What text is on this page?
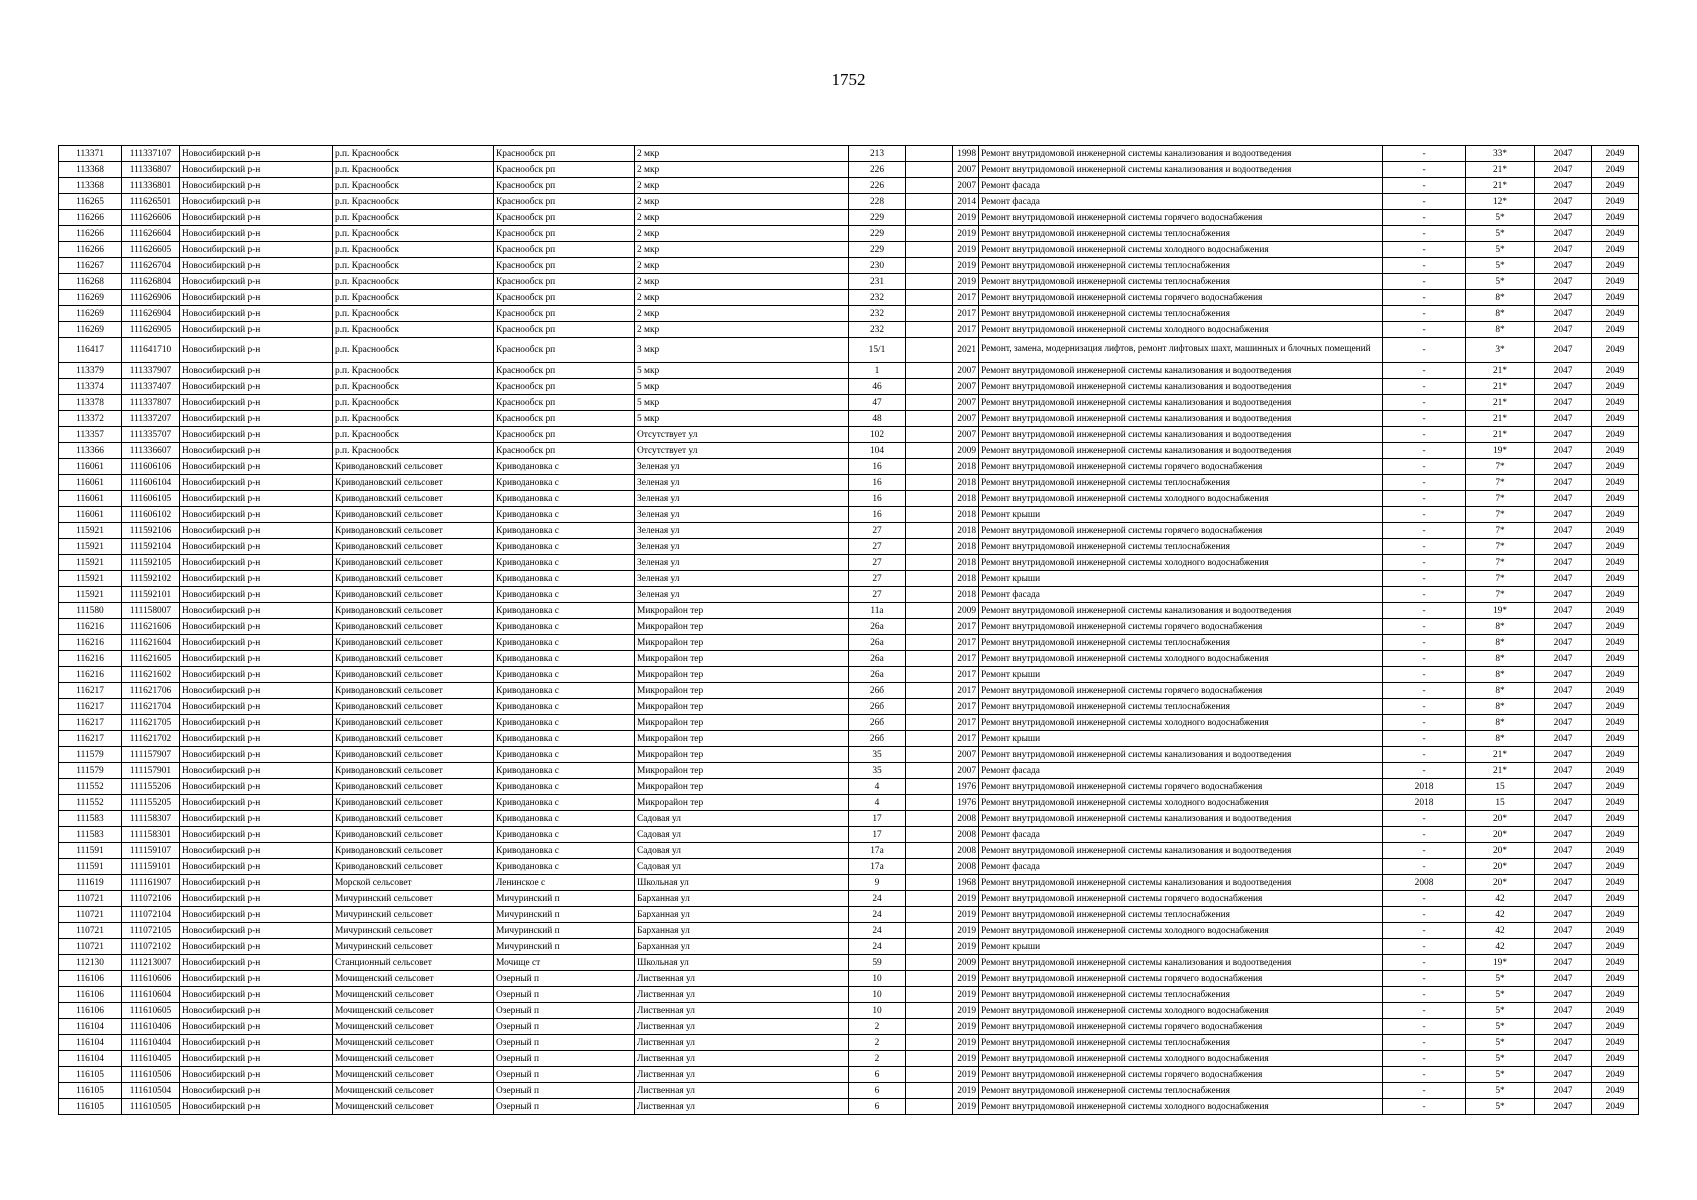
1752
113371	111337107	Новосибирский р-н	р.п. Краснообск	Краснообск рп	2 мкр	213		1998	Ремонт внутридомовой инженерной системы канализования и водоотведения	-	33*	2047	2049
113368	111336807	Новосибирский р-н	р.п. Краснообск	Краснообск рп	2 мкр	226		2007	Ремонт внутридомовой инженерной системы канализования и водоотведения	-	21*	2047	2049
113368	111336801	Новосибирский р-н	р.п. Краснообск	Краснообск рп	2 мкр	226		2007	Ремонт фасада	-	21*	2047	2049
116265	111626501	Новосибирский р-н	р.п. Краснообск	Краснообск рп	2 мкр	228		2014	Ремонт фасада	-	12*	2047	2049
116266	111626606	Новосибирский р-н	р.п. Краснообск	Краснообск рп	2 мкр	229		2019	Ремонт внутридомовой инженерной системы горячего водоснабжения	-	5*	2047	2049
116266	111626604	Новосибирский р-н	р.п. Краснообск	Краснообск рп	2 мкр	229		2019	Ремонт внутридомовой инженерной системы теплоснабжения	-	5*	2047	2049
116266	111626605	Новосибирский р-н	р.п. Краснообск	Краснообск рп	2 мкр	229		2019	Ремонт внутридомовой инженерной системы холодного водоснабжения	-	5*	2047	2049
116267	111626704	Новосибирский р-н	р.п. Краснообск	Краснообск рп	2 мкр	230		2019	Ремонт внутридомовой инженерной системы теплоснабжения	-	5*	2047	2049
116268	111626804	Новосибирский р-н	р.п. Краснообск	Краснообск рп	2 мкр	231		2019	Ремонт внутридомовой инженерной системы теплоснабжения	-	5*	2047	2049
116269	111626906	Новосибирский р-н	р.п. Краснообск	Краснообск рп	2 мкр	232		2017	Ремонт внутридомовой инженерной системы горячего водоснабжения	-	8*	2047	2049
116269	111626904	Новосибирский р-н	р.п. Краснообск	Краснообск рп	2 мкр	232		2017	Ремонт внутридомовой инженерной системы теплоснабжения	-	8*	2047	2049
116269	111626905	Новосибирский р-н	р.п. Краснообск	Краснообск рп	2 мкр	232		2017	Ремонт внутридомовой инженерной системы холодного водоснабжения	-	8*	2047	2049
116417	111641710	Новосибирский р-н	р.п. Краснообск	Краснообск рп	3 мкр	15/1		2021	Ремонт, замена, модернизация лифтов, ремонт лифтовых шахт, машинных и блочных помещений	-	3*	2047	2049
113379	111337907	Новосибирский р-н	р.п. Краснообск	Краснообск рп	5 мкр	1		2007	Ремонт внутридомовой инженерной системы канализования и водоотведения	-	21*	2047	2049
113374	111337407	Новосибирский р-н	р.п. Краснообск	Краснообск рп	5 мкр	46		2007	Ремонт внутридомовой инженерной системы канализования и водоотведения	-	21*	2047	2049
113378	111337807	Новосибирский р-н	р.п. Краснообск	Краснообск рп	5 мкр	47		2007	Ремонт внутридомовой инженерной системы канализования и водоотведения	-	21*	2047	2049
113372	111337207	Новосибирский р-н	р.п. Краснообск	Краснообск рп	5 мкр	48		2007	Ремонт внутридомовой инженерной системы канализования и водоотведения	-	21*	2047	2049
113357	111335707	Новосибирский р-н	р.п. Краснообск	Краснообск рп	Отсутствует ул	102		2007	Ремонт внутридомовой инженерной системы канализования и водоотведения	-	21*	2047	2049
113366	111336607	Новосибирский р-н	р.п. Краснообск	Краснообск рп	Отсутствует ул	104		2009	Ремонт внутридомовой инженерной системы канализования и водоотведения	-	19*	2047	2049
116061	111606106	Новосибирский р-н	Криводановский сельсовет	Криводановка с	Зеленая ул	16		2018	Ремонт внутридомовой инженерной системы горячего водоснабжения	-	7*	2047	2049
116061	111606104	Новосибирский р-н	Криводановский сельсовет	Криводановка с	Зеленая ул	16		2018	Ремонт внутридомовой инженерной системы теплоснабжения	-	7*	2047	2049
116061	111606105	Новосибирский р-н	Криводановский сельсовет	Криводановка с	Зеленая ул	16		2018	Ремонт внутридомовой инженерной системы холодного водоснабжения	-	7*	2047	2049
116061	111606102	Новосибирский р-н	Криводановский сельсовет	Криводановка с	Зеленая ул	16		2018	Ремонт крыши	-	7*	2047	2049
115921	111592106	Новосибирский р-н	Криводановский сельсовет	Криводановка с	Зеленая ул	27		2018	Ремонт внутридомовой инженерной системы горячего водоснабжения	-	7*	2047	2049
115921	111592104	Новосибирский р-н	Криводановский сельсовет	Криводановка с	Зеленая ул	27		2018	Ремонт внутридомовой инженерной системы теплоснабжения	-	7*	2047	2049
115921	111592105	Новосибирский р-н	Криводановский сельсовет	Криводановка с	Зеленая ул	27		2018	Ремонт внутридомовой инженерной системы холодного водоснабжения	-	7*	2047	2049
115921	111592102	Новосибирский р-н	Криводановский сельсовет	Криводановка с	Зеленая ул	27		2018	Ремонт крыши	-	7*	2047	2049
115921	111592101	Новосибирский р-н	Криводановский сельсовет	Криводановка с	Зеленая ул	27		2018	Ремонт фасада	-	7*	2047	2049
111580	111158007	Новосибирский р-н	Криводановский сельсовет	Криводановка с	Микрорайон тер	11а		2009	Ремонт внутридомовой инженерной системы канализования и водоотведения	-	19*	2047	2049
116216	111621606	Новосибирский р-н	Криводановский сельсовет	Криводановка с	Микрорайон тер	26а		2017	Ремонт внутридомовой инженерной системы горячего водоснабжения	-	8*	2047	2049
116216	111621604	Новосибирский р-н	Криводановский сельсовет	Криводановка с	Микрорайон тер	26а		2017	Ремонт внутридомовой инженерной системы теплоснабжения	-	8*	2047	2049
116216	111621605	Новосибирский р-н	Криводановский сельсовет	Криводановка с	Микрорайон тер	26а		2017	Ремонт внутридомовой инженерной системы холодного водоснабжения	-	8*	2047	2049
116216	111621602	Новосибирский р-н	Криводановский сельсовет	Криводановка с	Микрорайон тер	26а		2017	Ремонт крыши	-	8*	2047	2049
116217	111621706	Новосибирский р-н	Криводановский сельсовет	Криводановка с	Микрорайон тер	26б		2017	Ремонт внутридомовой инженерной системы горячего водоснабжения	-	8*	2047	2049
116217	111621704	Новосибирский р-н	Криводановский сельсовет	Криводановка с	Микрорайон тер	26б		2017	Ремонт внутридомовой инженерной системы теплоснабжения	-	8*	2047	2049
116217	111621705	Новосибирский р-н	Криводановский сельсовет	Криводановка с	Микрорайон тер	26б		2017	Ремонт внутридомовой инженерной системы холодного водоснабжения	-	8*	2047	2049
116217	111621702	Новосибирский р-н	Криводановский сельсовет	Криводановка с	Микрорайон тер	26б		2017	Ремонт крыши	-	8*	2047	2049
111579	111157907	Новосибирский р-н	Криводановский сельсовет	Криводановка с	Микрорайон тер	35		2007	Ремонт внутридомовой инженерной системы канализования и водоотведения	-	21*	2047	2049
111579	111157901	Новосибирский р-н	Криводановский сельсовет	Криводановка с	Микрорайон тер	35		2007	Ремонт фасада	-	21*	2047	2049
111552	111155206	Новосибирский р-н	Криводановский сельсовет	Криводановка с	Микрорайон тер	4		1976	Ремонт внутридомовой инженерной системы горячего водоснабжения	2018	15	2047	2049
111552	111155205	Новосибирский р-н	Криводановский сельсовет	Криводановка с	Микрорайон тер	4		1976	Ремонт внутридомовой инженерной системы холодного водоснабжения	2018	15	2047	2049
111583	111158307	Новосибирский р-н	Криводановский сельсовет	Криводановка с	Садовая ул	17		2008	Ремонт внутридомовой инженерной системы канализования и водоотведения	-	20*	2047	2049
111583	111158301	Новосибирский р-н	Криводановский сельсовет	Криводановка с	Садовая ул	17		2008	Ремонт фасада	-	20*	2047	2049
111591	111159107	Новосибирский р-н	Криводановский сельсовет	Криводановка с	Садовая ул	17а		2008	Ремонт внутридомовой инженерной системы канализования и водоотведения	-	20*	2047	2049
111591	111159101	Новосибирский р-н	Криводановский сельсовет	Криводановка с	Садовая ул	17а		2008	Ремонт фасада	-	20*	2047	2049
111619	111161907	Новосибирский р-н	Морской сельсовет	Ленинское с	Школьная ул	9		1968	Ремонт внутридомовой инженерной системы канализования и водоотведения	2008	20*	2047	2049
110721	111072106	Новосибирский р-н	Мичуринский сельсовет	Мичуринский п	Барханная ул	24		2019	Ремонт внутридомовой инженерной системы горячего водоснабжения	-	42	2047	2049
110721	111072104	Новосибирский р-н	Мичуринский сельсовет	Мичуринский п	Барханная ул	24		2019	Ремонт внутридомовой инженерной системы теплоснабжения	-	42	2047	2049
110721	111072105	Новосибирский р-н	Мичуринский сельсовет	Мичуринский п	Барханная ул	24		2019	Ремонт внутридомовой инженерной системы холодного водоснабжения	-	42	2047	2049
110721	111072102	Новосибирский р-н	Мичуринский сельсовет	Мичуринский п	Барханная ул	24		2019	Ремонт крыши	-	42	2047	2049
112130	111213007	Новосибирский р-н	Станционный сельсовет	Мочище ст	Школьная ул	59		2009	Ремонт внутридомовой инженерной системы канализования и водоотведения	-	19*	2047	2049
116106	111610606	Новосибирский р-н	Мочищенский сельсовет	Озерный п	Лиственная ул	10		2019	Ремонт внутридомовой инженерной системы горячего водоснабжения	-	5*	2047	2049
116106	111610604	Новосибирский р-н	Мочищенский сельсовет	Озерный п	Лиственная ул	10		2019	Ремонт внутридомовой инженерной системы теплоснабжения	-	5*	2047	2049
116106	111610605	Новосибирский р-н	Мочищенский сельсовет	Озерный п	Лиственная ул	10		2019	Ремонт внутридомовой инженерной системы холодного водоснабжения	-	5*	2047	2049
116104	111610406	Новосибирский р-н	Мочищенский сельсовет	Озерный п	Лиственная ул	2		2019	Ремонт внутридомовой инженерной системы горячего водоснабжения	-	5*	2047	2049
116104	111610404	Новосибирский р-н	Мочищенский сельсовет	Озерный п	Лиственная ул	2		2019	Ремонт внутридомовой инженерной системы теплоснабжения	-	5*	2047	2049
116104	111610405	Новосибирский р-н	Мочищенский сельсовет	Озерный п	Лиственная ул	2		2019	Ремонт внутридомовой инженерной системы холодного водоснабжения	-	5*	2047	2049
116105	111610506	Новосибирский р-н	Мочищенский сельсовет	Озерный п	Лиственная ул	6		2019	Ремонт внутридомовой инженерной системы горячего водоснабжения	-	5*	2047	2049
116105	111610504	Новосибирский р-н	Мочищенский сельсовет	Озерный п	Лиственная ул	6		2019	Ремонт внутридомовой инженерной системы теплоснабжения	-	5*	2047	2049
116105	111610505	Новосибирский р-н	Мочищенский сельсовет	Озерный п	Лиственная ул	6		2019	Ремонт внутридомовой инженерной системы холодного водоснабжения	-	5*	2047	2049
